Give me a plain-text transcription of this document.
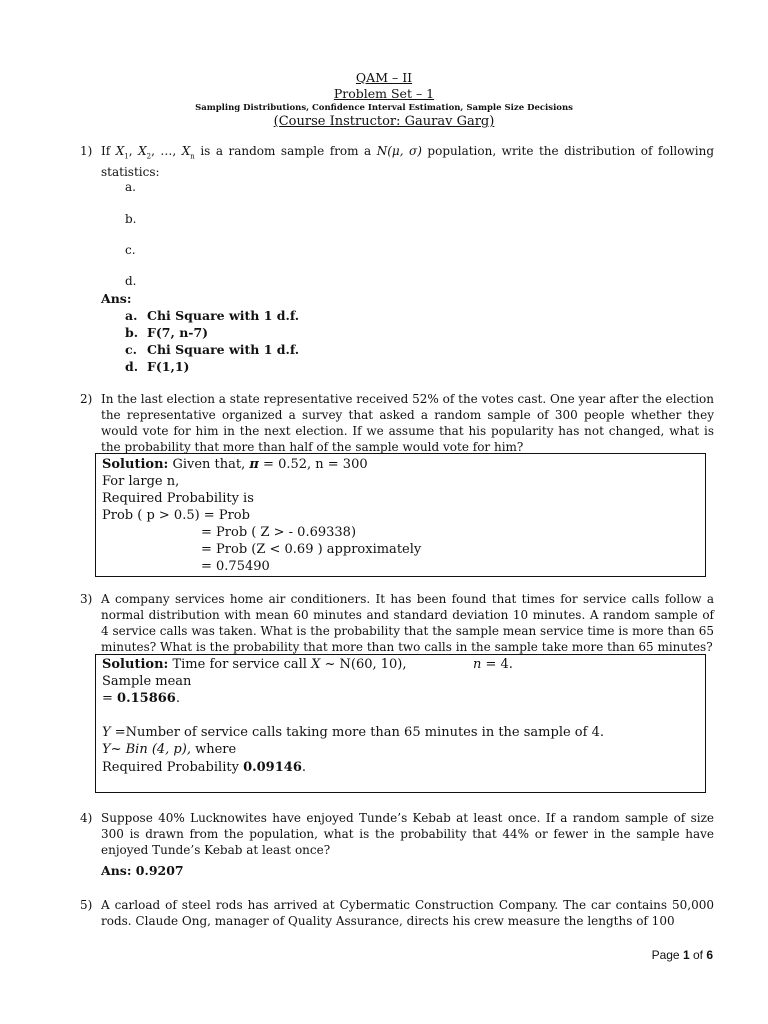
QAM – II
Problem Set – 1
Sampling Distributions, Confidence Interval Estimation, Sample Size Decisions
(Course Instructor: Gaurav Garg)
1) If $X_1$, $X_2$, …, $X_n$ is a random sample from a N(μ, σ) population, write the distribution of following statistics:
a.
b.
c.
d.
Ans:
a. Chi Square with 1 d.f.
b. F(7, n-7)
c. Chi Square with 1 d.f.
d. F(1,1)
2) In the last election a state representative received 52% of the votes cast. One year after the election the representative organized a survey that asked a random sample of 300 people whether they would vote for him in the next election. If we assume that his popularity has not changed, what is the probability that more than half of the sample would vote for him?
Solution: Given that, π = 0.52, n = 300
For large n,
Required Probability is
Prob ( p > 0.5) = Prob
= Prob ( Z > - 0.69338)
= Prob (Z < 0.69 ) approximately
= 0.75490
3) A company services home air conditioners. It has been found that times for service calls follow a normal distribution with mean 60 minutes and standard deviation 10 minutes. A random sample of 4 service calls was taken. What is the probability that the sample mean service time is more than 65 minutes? What is the probability that more than two calls in the sample take more than 65 minutes?
Solution: Time for service call X ~ N(60, 10),	n = 4.
Sample mean
= 0.15866.
Y =Number of service calls taking more than 65 minutes in the sample of 4.
Y~ Bin (4, p), where
Required Probability 0.09146.
4) Suppose 40% Lucknowites have enjoyed Tunde’s Kebab at least once. If a random sample of size 300 is drawn from the population, what is the probability that 44% or fewer in the sample have enjoyed Tunde’s Kebab at least once?
Ans: 0.9207
5) A carload of steel rods has arrived at Cybermatic Construction Company. The car contains 50,000 rods. Claude Ong, manager of Quality Assurance, directs his crew measure the lengths of 100
Page 1 of 6
